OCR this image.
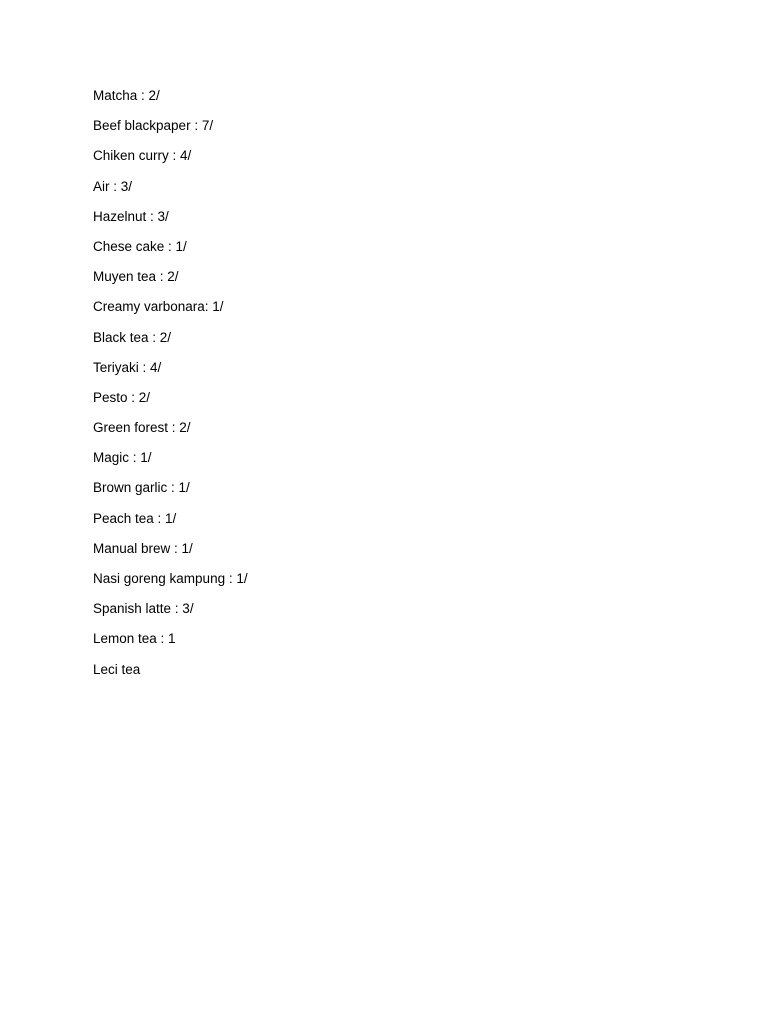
Matcha : 2/
Beef blackpaper : 7/
Chiken curry : 4/
Air : 3/
Hazelnut : 3/
Chese cake : 1/
Muyen tea : 2/
Creamy varbonara: 1/
Black tea : 2/
Teriyaki : 4/
Pesto : 2/
Green forest : 2/
Magic : 1/
Brown garlic : 1/
Peach tea : 1/
Manual brew : 1/
Nasi goreng kampung : 1/
Spanish latte : 3/
Lemon tea : 1
Leci tea
